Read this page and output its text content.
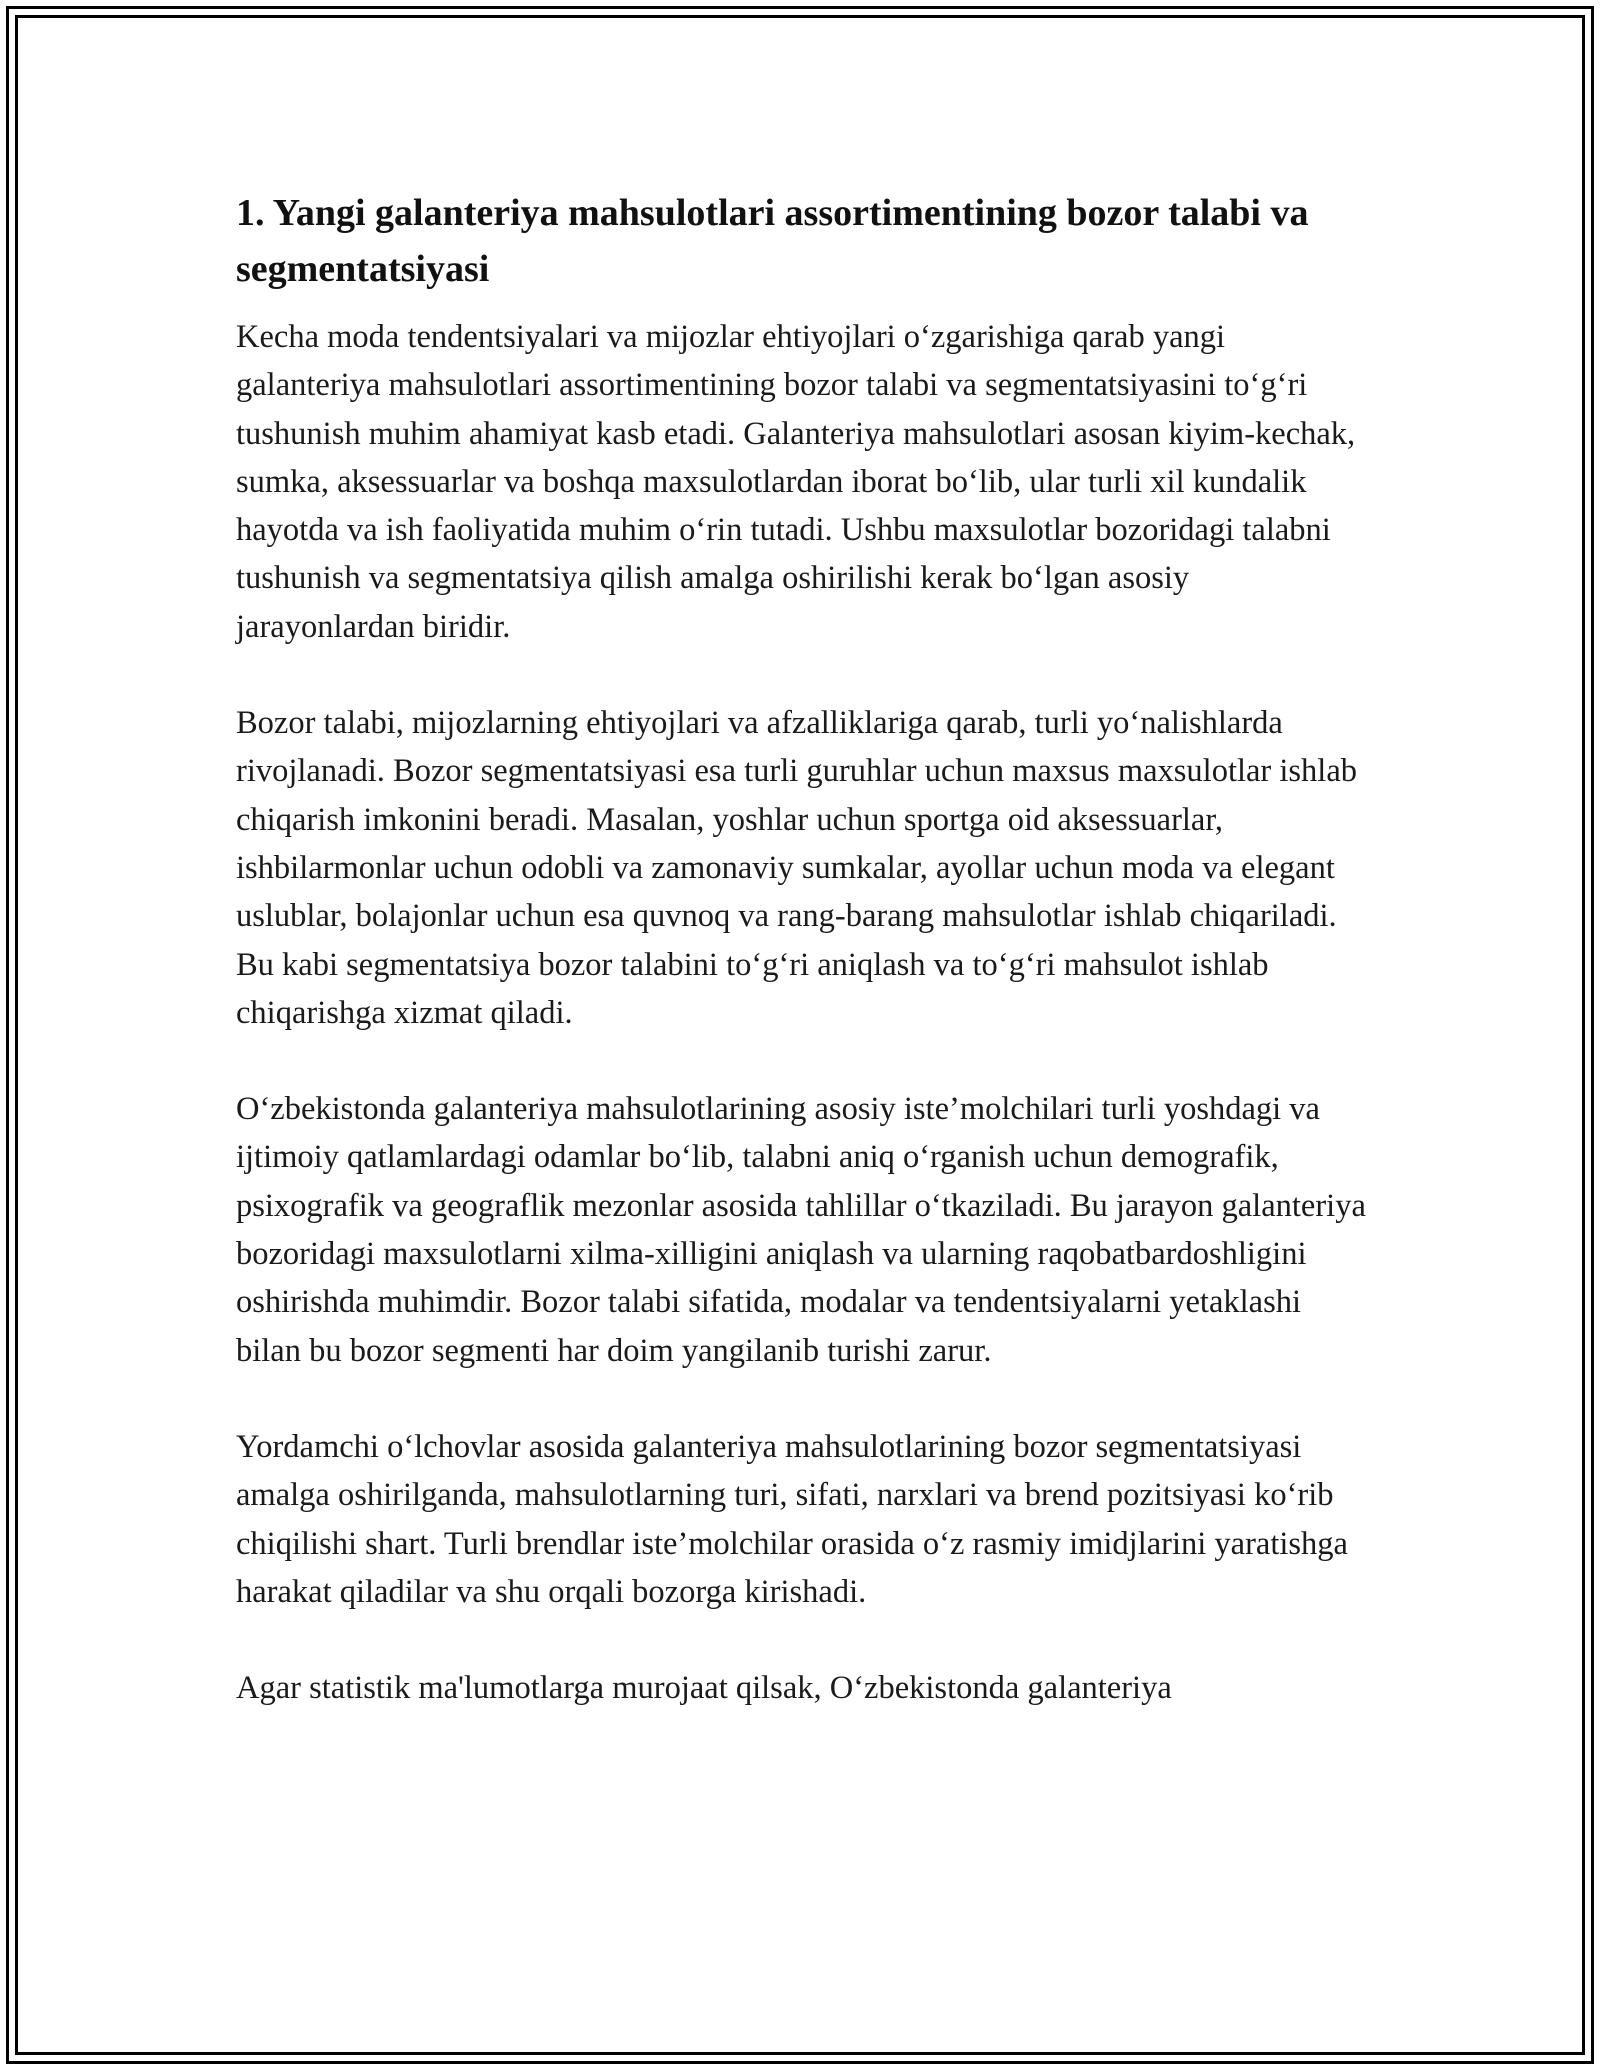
1. Yangi galanteriya mahsulotlari assortimentining bozor talabi va segmentatsiyasi

Kecha moda tendentsiyalari va mijozlar ehtiyojlari oʻzgarishiga qarab yangi galanteriya mahsulotlari assortimentining bozor talabi va segmentatsiyasini toʻgʻri tushunish muhim ahamiyat kasb etadi. Galanteriya mahsulotlari asosan kiyim-kechak, sumka, aksessuarlar va boshqa maxsulotlardan iborat boʻlib, ular turli xil kundalik hayotda va ish faoliyatida muhim oʻrin tutadi. Ushbu maxsulotlar bozoridagi talabni tushunish va segmentatsiya qilish amalga oshirilishi kerak boʻlgan asosiy jarayonlardan biridir.

Bozor talabi, mijozlarning ehtiyojlari va afzalliklariga qarab, turli yoʻnalishlarda rivojlanadi. Bozor segmentatsiyasi esa turli guruhlar uchun maxsus maxsulotlar ishlab chiqarish imkonini beradi. Masalan, yoshlar uchun sportga oid aksessuarlar, ishbilarmonlar uchun odobli va zamonaviy sumkalar, ayollar uchun moda va elegant uslublar, bolajonlar uchun esa quvnoq va rang-barang mahsulotlar ishlab chiqariladi. Bu kabi segmentatsiya bozor talabini toʻgʻri aniqlash va toʻgʻri mahsulot ishlab chiqarishga xizmat qiladi.

Oʻzbekistonda galanteriya mahsulotlarining asosiy iste’molchilari turli yoshdagi va ijtimoiy qatlamlardagi odamlar boʻlib, talabni aniq oʻrganish uchun demografik, psixografik va geograflik mezonlar asosida tahlillar oʻtkaziladi. Bu jarayon galanteriya bozoridagi maxsulotlarni xilma-xilligini aniqlash va ularning raqobatbardoshligini oshirishda muhimdir. Bozor talabi sifatida, modalar va tendentsiyalarni yetaklashi bilan bu bozor segmenti har doim yangilanib turishi zarur.

Yordamchi oʻlchovlar asosida galanteriya mahsulotlarining bozor segmentatsiyasi amalga oshirilganda, mahsulotlarning turi, sifati, narxlari va brend pozitsiyasi koʻrib chiqilishi shart. Turli brendlar iste’molchilar orasida oʻz rasmiy imidjlarini yaratishga harakat qiladilar va shu orqali bozorga kirishadi.

Agar statistik ma'lumotlarga murojaat qilsak, Oʻzbekistonda galanteriya
